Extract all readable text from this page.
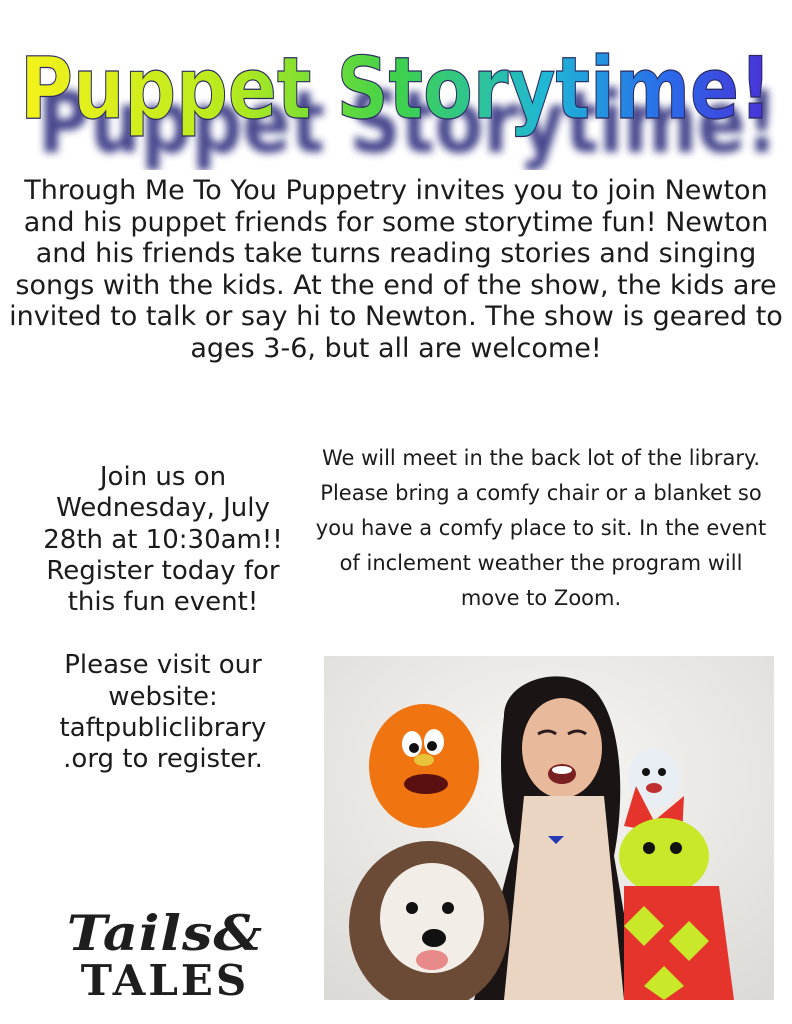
Puppet Storytime!
Puppet Storytime!

Through Me To You Puppetry invites you to join Newton and his puppet friends for some storytime fun! Newton and his friends take turns reading stories and singing songs with the kids. At the end of the show, the kids are invited to talk or say hi to Newton. The show is geared to ages 3-6, but all are welcome!

Join us on Wednesday, July 28th at 10:30am!! Register today for this fun event!

Please visit our website: taftpubliclibrary .org to register.

We will meet in the back lot of the library. Please bring a comfy chair or a blanket so you have a comfy place to sit. In the event of inclement weather the program will move to Zoom.

Tails&
TALES
